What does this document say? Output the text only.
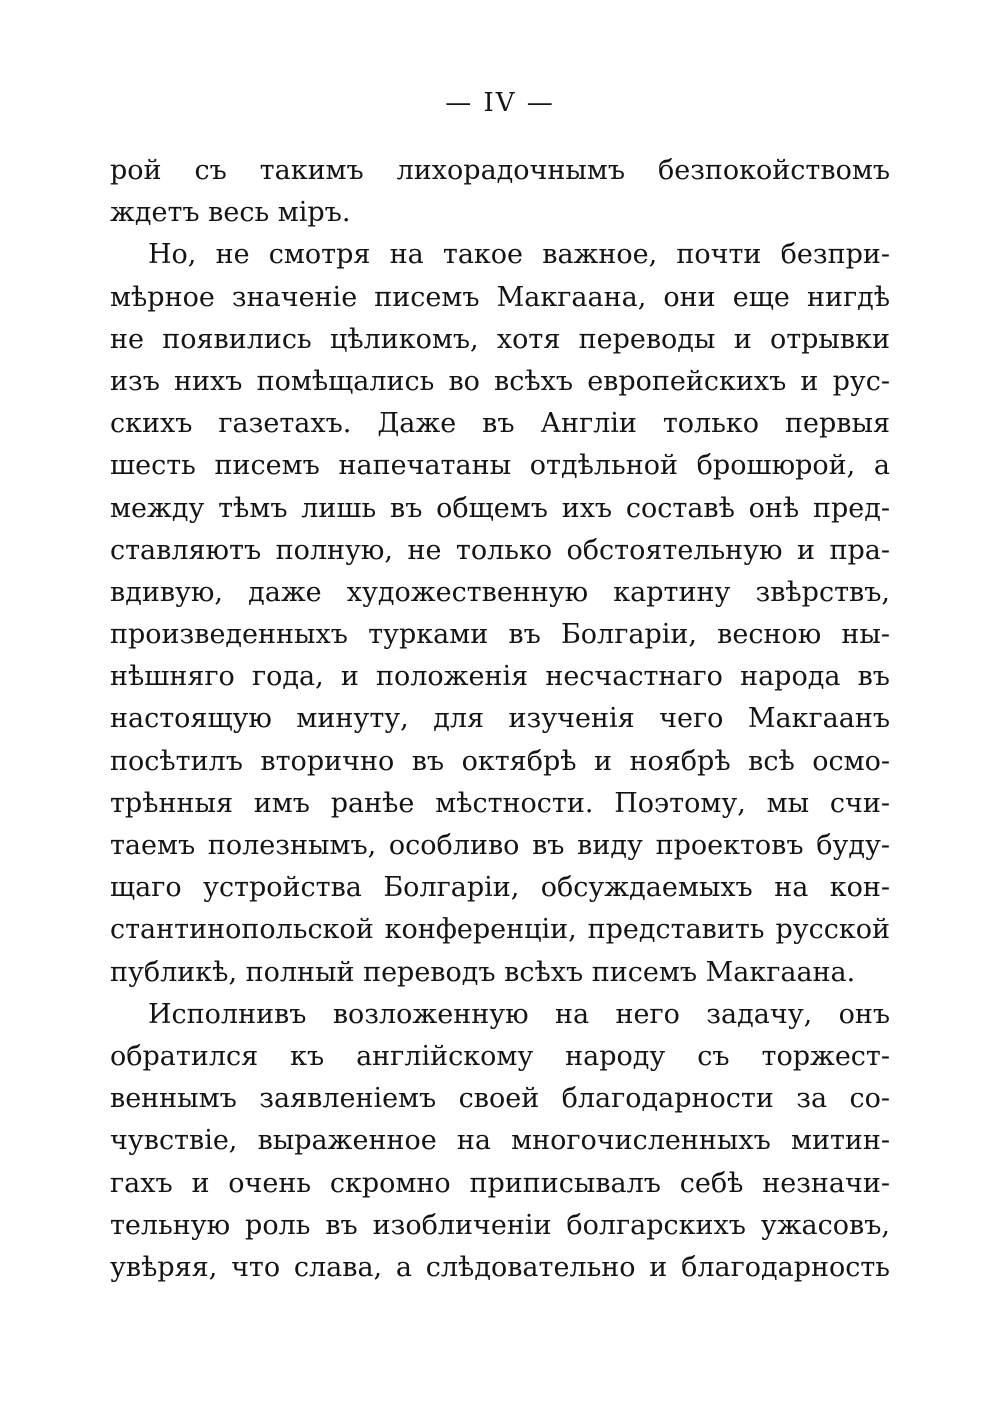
— IV —
рой съ такимъ лихорадочнымъ безпокойствомъ
ждетъ весь міръ.
Но, не смотря на такое важное, почти безпри-
мѣрное значеніе писемъ Макгаана, они еще нигдѣ
не появились цѣликомъ, хотя переводы и отрывки
изъ нихъ помѣщались во всѣхъ европейскихъ и рус-
скихъ газетахъ. Даже въ Англіи только первыя
шесть писемъ напечатаны отдѣльной брошюрой, а
между тѣмъ лишь въ общемъ ихъ составѣ онѣ пред-
ставляютъ полную, не только обстоятельную и пра-
вдивую, даже художественную картину звѣрствъ,
произведенныхъ турками въ Болгаріи, весною ны-
нѣшняго года, и положенія несчастнаго народа въ
настоящую минуту, для изученія чего Макгаанъ
посѣтилъ вторично въ октябрѣ и ноябрѣ всѣ осмо-
трѣнныя имъ ранѣе мѣстности. Поэтому, мы счи-
таемъ полезнымъ, особливо въ виду проектовъ буду-
щаго устройства Болгаріи, обсуждаемыхъ на кон-
стантинопольской конференціи, представить русской
публикѣ, полный переводъ всѣхъ писемъ Макгаана.
Исполнивъ возложенную на него задачу, онъ
обратился къ англійскому народу съ торжест-
веннымъ заявленіемъ своей благодарности за со-
чувствіе, выраженное на многочисленныхъ митин-
гахъ и очень скромно приписывалъ себѣ незначи-
тельную роль въ изобличеніи болгарскихъ ужасовъ,
увѣряя, что слава, а слѣдовательно и благодарность
